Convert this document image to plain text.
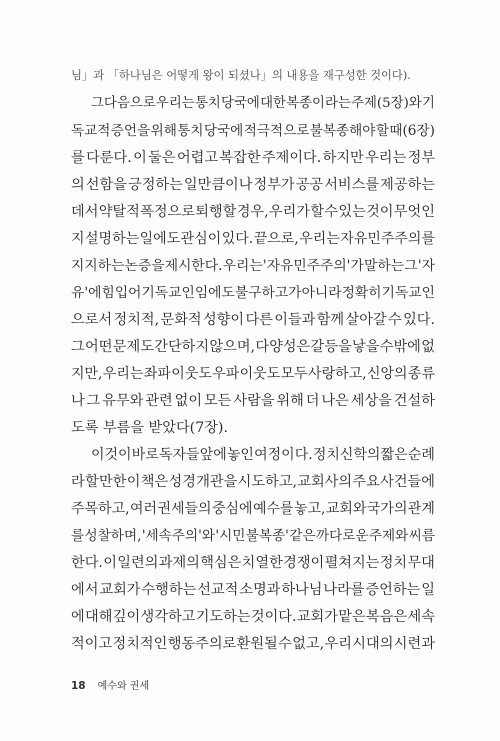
님」과 「하나님은 어떻게 왕이 되셨나」의 내용을 재구성한 것이다).
그다음으로 우리는 통치 당국에 대한 복종이라는 주제(5장)와 기
독교적 증언을 위해 통치 당국에 적극적으로 불복종해야 할 때(6장)
를 다룬다. 이 둘은 어렵고 복잡한 주제이다. 하지만 우리는 정부
의 선함을 긍정하는 일만큼이나 정부가 공공 서비스를 제공하는
데서 약탈적 폭정으로 퇴행할 경우, 우리가 할 수 있는 것이 무엇인
지 설명하는 일에도 관심이 있다. 끝으로, 우리는 자유민주주의를
지지하는 논증을 제시한다. 우리는 '자유민주주의'가 말하는 그 '자
유'에 힘입어 기독교인임에도 불구하고가 아니라 정확히 기독교인
으로서 정치적, 문화적 성향이 다른 이들과 함께 살아갈 수 있다.
그 어떤 문제도 간단하지 않으며, 다양성은 갈등을 낳을 수밖에 없
지만, 우리는 좌파 이웃도 우파 이웃도 모두 사랑하고, 신앙의 종류
나 그 유무와 관련 없이 모든 사람을 위해 더 나은 세상을 건설하
도록 부름을 받았다(7장).
이것이 바로 독자들 앞에 놓인 여정이다. 정치신학의 짧은 순례
라 할 만한 이 책은 성경 개관을 시도하고, 교회사의 주요 사건들에
주목하고, 여러 권세들의 중심에 예수를 놓고, 교회와 국가의 관계
를 성찰하며, '세속주의'와 '시민 불복종' 같은 까다로운 주제와 씨름
한다. 이 일련의 과제의 핵심은 치열한 경쟁이 펼쳐지는 정치 무대
에서 교회가 수행하는 선교적 소명과 하나님 나라를 증언하는 일
에 대해 깊이 생각하고 기도하는 것이다. 교회가 맡은 복음은 세속
적이고 정치적인 행동주의로 환원될 수 없고, 우리 시대의 시련과
18 예수와 권세
